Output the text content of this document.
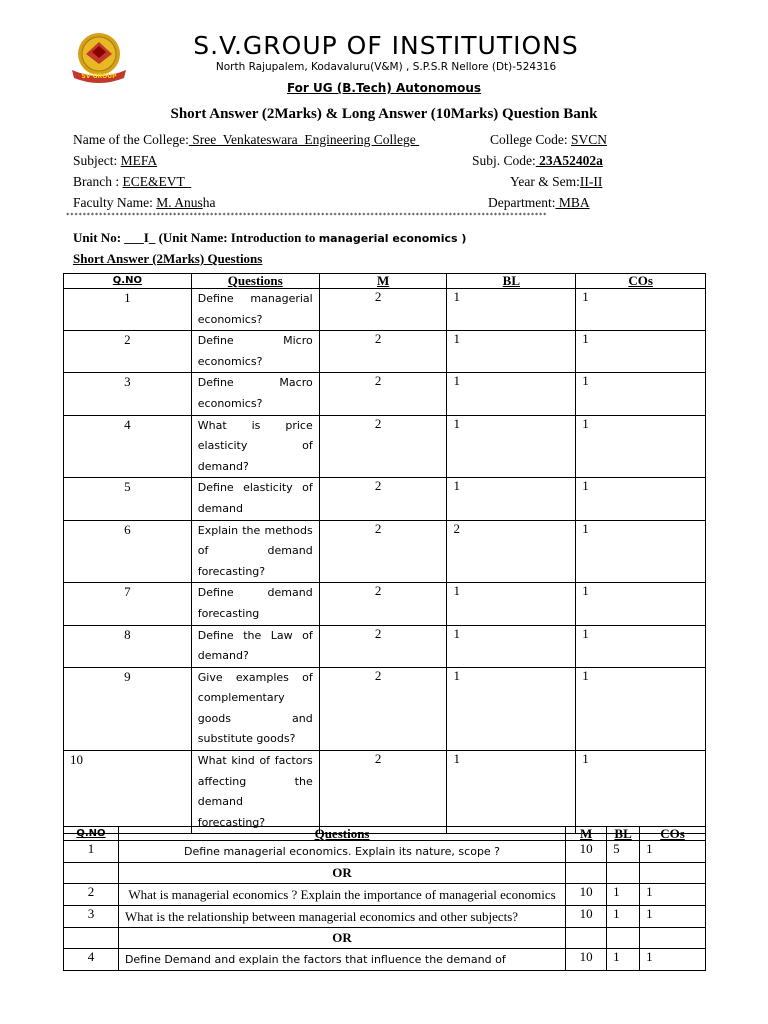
SV GROUP
S.V.GROUP OF INSTITUTIONS
North Rajupalem, Kodavaluru(V&M) , S.P.S.R Nellore (Dt)-524316
For UG (B.Tech) Autonomous
Short Answer (2Marks) & Long Answer (10Marks) Question Bank
Name of the College: Sree  Venkateswara  Engineering College	College Code: SVCN
Subject: MEFA	Subj. Code: 23A52402a
Branch : ECE&EVT	Year & Sem:II-II
Faculty Name: M. Anusha	Department: MBA
*********************************************************************************************************************
Unit No: ___I_ (Unit Name: Introduction to managerial economics )
Short Answer (2Marks) Questions
Q.NO	Questions	M	BL	COs
1	Define managerial economics?	2	1	1
2	Define Micro economics?	2	1	1
3	Define Macro economics?	2	1	1
4	What is price elasticity of demand?	2	1	1
5	Define elasticity of demand	2	1	1
6	Explain the methods of demand forecasting?	2	2	1
7	Define demand forecasting	2	1	1
8	Define the Law of demand?	2	1	1
9	Give examples of complementary goods and substitute goods?	2	1	1
10	What kind of factors affecting the demand forecasting?	2	1	1
Q.NO	Questions	M	BL	COs
1	Define managerial economics. Explain its nature, scope ?	10	5	1
	OR			
2	What is managerial economics ? Explain the importance of managerial economics	10	1	1
3	What is the relationship between managerial economics and other subjects?	10	1	1
	OR			
4	Define Demand and explain the factors that influence the demand of	10	1	1
